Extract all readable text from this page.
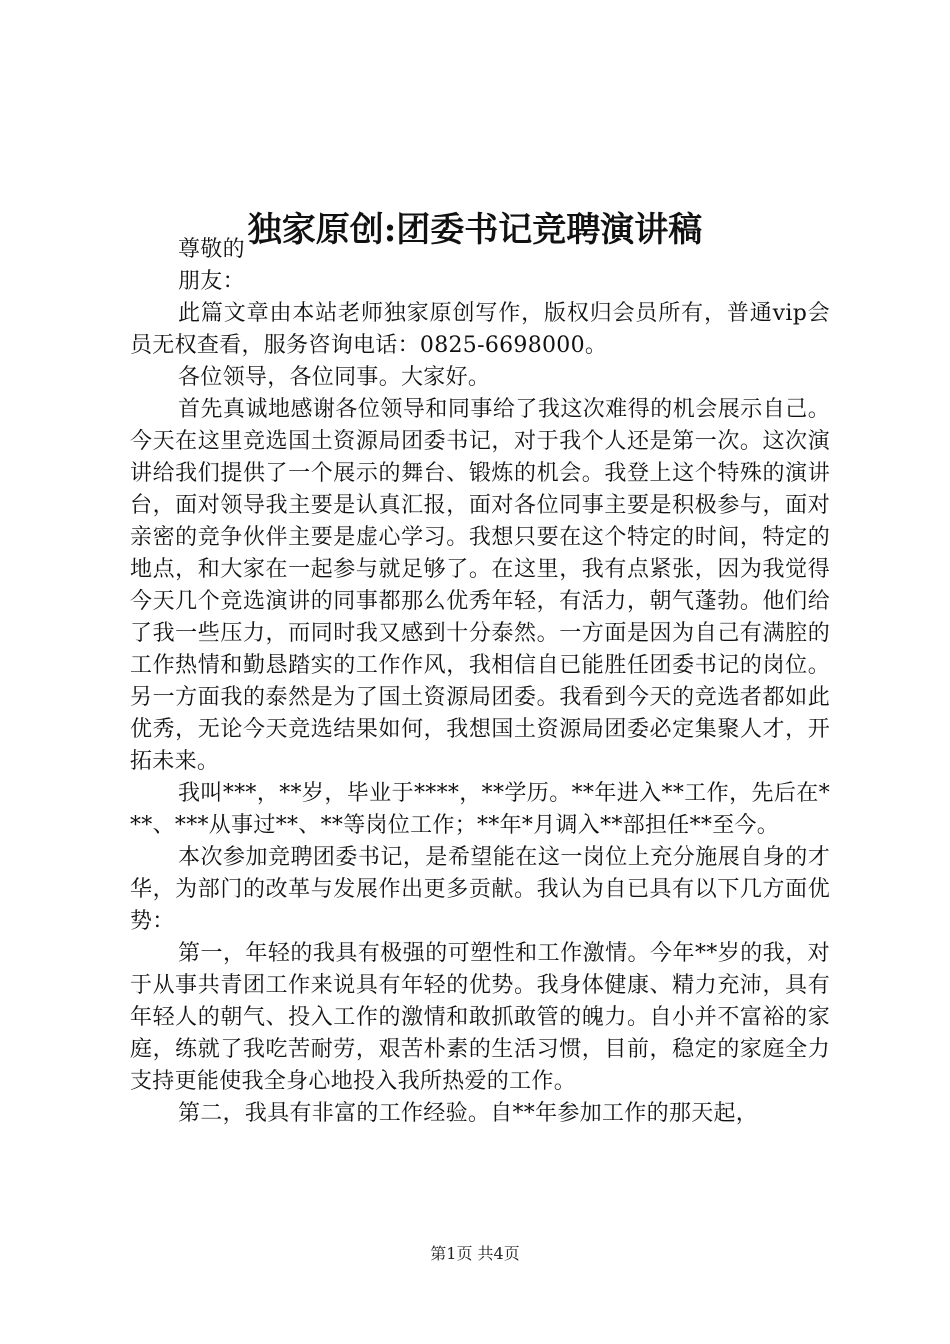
独家原创:团委书记竞聘演讲稿

尊敬的

朋友：

此篇文章由本站老师独家原创写作，版权归会员所有，普通vip会员无权查看，服务咨询电话：0825-6698000。

各位领导，各位同事。大家好。

首先真诚地感谢各位领导和同事给了我这次难得的机会展示自己。今天在这里竞选国土资源局团委书记，对于我个人还是第一次。这次演讲给我们提供了一个展示的舞台、锻炼的机会。我登上这个特殊的演讲台，面对领导我主要是认真汇报，面对各位同事主要是积极参与，面对亲密的竞争伙伴主要是虚心学习。我想只要在这个特定的时间，特定的地点，和大家在一起参与就足够了。在这里，我有点紧张，因为我觉得今天几个竞选演讲的同事都那么优秀年轻，有活力，朝气蓬勃。他们给了我一些压力，而同时我又感到十分泰然。一方面是因为自己有满腔的工作热情和勤恳踏实的工作作风，我相信自已能胜任团委书记的岗位。另一方面我的泰然是为了国土资源局团委。我看到今天的竞选者都如此优秀，无论今天竞选结果如何，我想国土资源局团委必定集聚人才，开拓未来。

我叫***，**岁，毕业于****，**学历。**年进入**工作，先后在***、***从事过**、**等岗位工作；**年*月调入**部担任**至今。

本次参加竞聘团委书记，是希望能在这一岗位上充分施展自身的才华，为部门的改革与发展作出更多贡献。我认为自已具有以下几方面优势：

第一，年轻的我具有极强的可塑性和工作激情。今年**岁的我，对于从事共青团工作来说具有年轻的优势。我身体健康、精力充沛，具有年轻人的朝气、投入工作的激情和敢抓敢管的魄力。自小并不富裕的家庭，练就了我吃苦耐劳，艰苦朴素的生活习惯，目前，稳定的家庭全力支持更能使我全身心地投入我所热爱的工作。

第二，我具有非富的工作经验。自**年参加工作的那天起，

第1页 共4页
